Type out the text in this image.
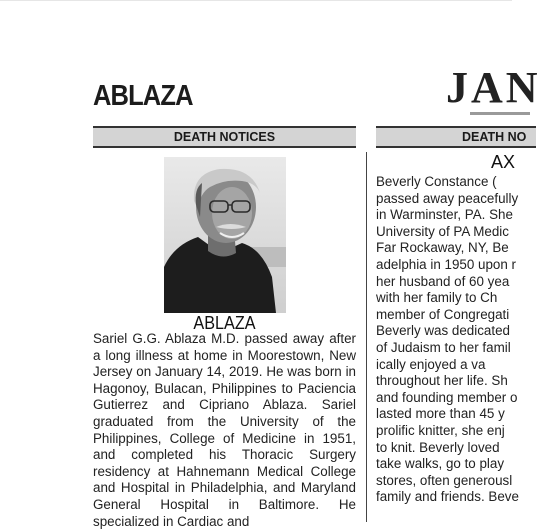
ABLAZA	JAN
DEATH NOTICES	DEATH NO
ABLAZA

Sariel G.G. Ablaza M.D. passed away after a long illness at home in Moorestown, New Jersey on January 14, 2019. He was born in Hagonoy, Bulacan, Philippines to Paciencia Gutierrez and Cipriano Ablaza. Sariel graduated from the University of the Philippines, College of Medicine in 1951, and completed his Thoracic Surgery residency at Hahnemann Medical College and Hospital in Philadelphia, and Maryland General Hospital in Baltimore. He specialized in Cardiac and

AX

Beverly Constance (
passed away peacefully
in Warminster, PA. She
University of PA Medic
Far Rockaway, NY, Be
adelphia in 1950 upon r
her husband of 60 yea
with her family to Ch
member of Congregati
Beverly was dedicated
of Judaism to her famil
ically enjoyed a va
throughout her life. Sh
and founding member o
lasted more than 45 y
prolific knitter, she enj
to knit. Beverly loved
take walks, go to play
stores, often generousl
family and friends. Beve
